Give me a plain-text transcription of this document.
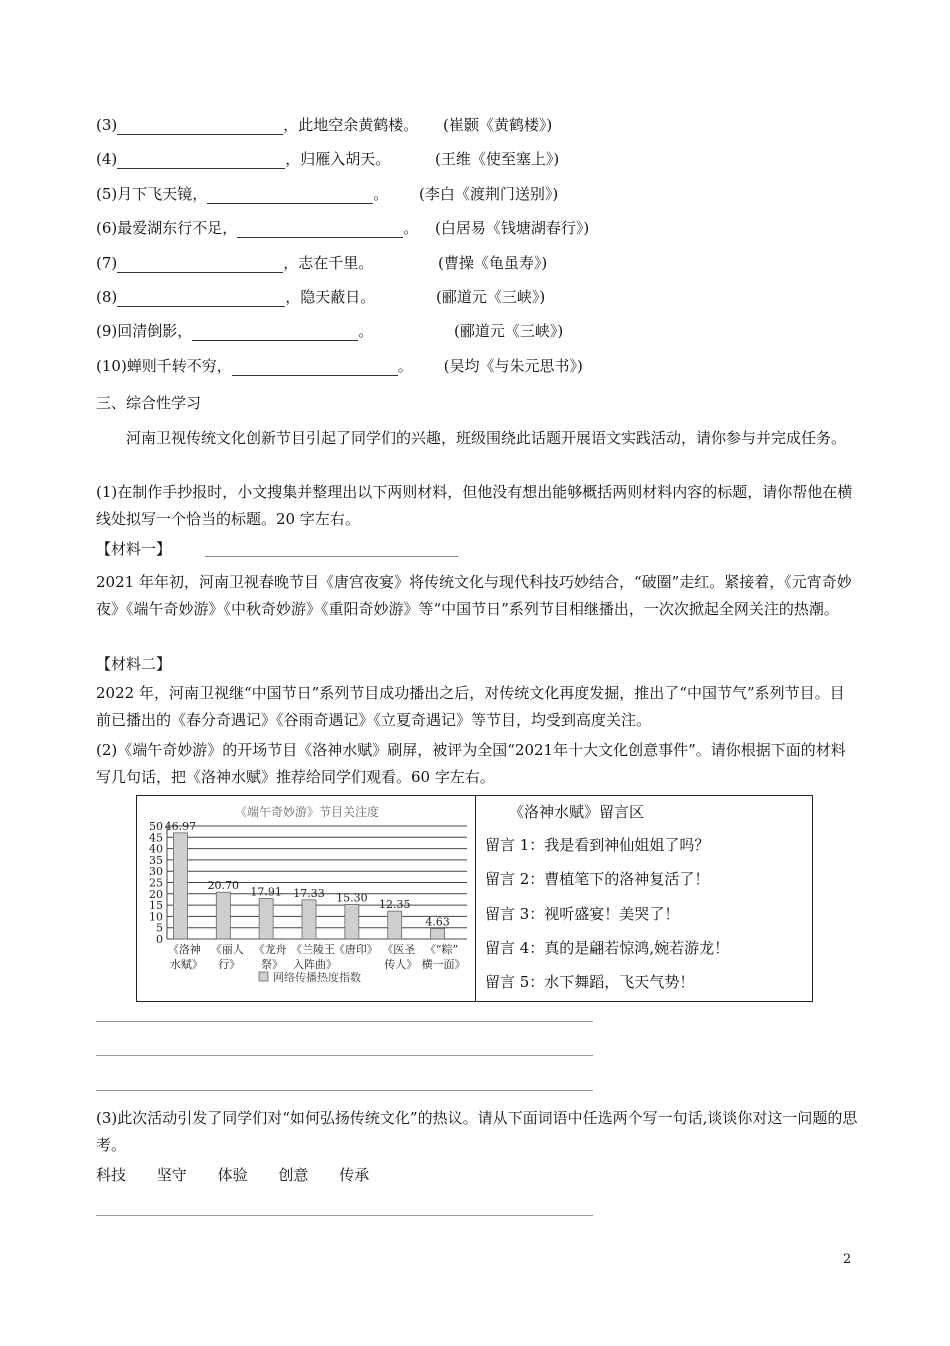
(3)	，此地空余黄鹤楼。 (崔颢《黄鹤楼》)
(4)	，归雁入胡天。	(王维《使至塞上》)
(5)月下飞天镜，	。 (李白《渡荆门送别》)
(6)最爱湖东行不足，	。 (白居易《钱塘湖春行》)
(7)	，志在千里。	(曹操《龟虽寿》)
(8)	，隐天蔽日。	(郦道元《三峡》)
(9)回清倒影，	。	(郦道元《三峡》)
(10)蝉则千转不穷，	。 (吴均《与朱元思书》)
三、综合性学习
河南卫视传统文化创新节目引起了同学们的兴趣，班级围绕此话题开展语文实践活动，请你参与并完成任务。
(1)在制作手抄报时，小文搜集并整理出以下两则材料，但他没有想出能够概括两则材料内容的标题，请你帮他在横线处拟写一个恰当的标题。20 字左右。
【材料一】
2021 年年初，河南卫视春晚节目《唐宫夜宴》将传统文化与现代科技巧妙结合，“破圈”走红。紧接着，《元宵奇妙夜》《端午奇妙游》《中秋奇妙游》《重阳奇妙游》等“中国节日”系列节目相继播出，一次次掀起全网关注的热潮。
【材料二】
2022 年，河南卫视继“中国节日”系列节目成功播出之后，对传统文化再度发掘，推出了“中国节气”系列节目。目前已播出的《春分奇遇记》《谷雨奇遇记》《立夏奇遇记》等节目，均受到高度关注。
(2)《端午奇妙游》的开场节目《洛神水赋》刷屏，被评为全国“2021年十大文化创意事件”。请你根据下面的材料写几句话，把《洛神水赋》推荐给同学们观看。60 字左右。
《端午奇妙游》节目关注度
0
5
10
15
20
25
30
35
40
45
50 46.97
《洛神
水赋》
20.70
《丽人
行》
17.91
《龙舟
祭》
17.33
《兰陵王
入阵曲》
15.30
《唐印》
12.35
《医圣
传人》
4.63
《“粽”
横一面》
网络传播热度指数
《洛神水赋》留言区
留言 1：我是看到神仙姐姐了吗？
留言 2：曹植笔下的洛神复活了！
留言 3：视听盛宴！美哭了！
留言 4：真的是翩若惊鸿,婉若游龙！
留言 5：水下舞蹈，飞天气势！
(3)此次活动引发了同学们对“如何弘扬传统文化”的热议。请从下面词语中任选两个写一句话,谈谈你对这一问题的思考。
科技 坚守 体验 创意 传承
2
